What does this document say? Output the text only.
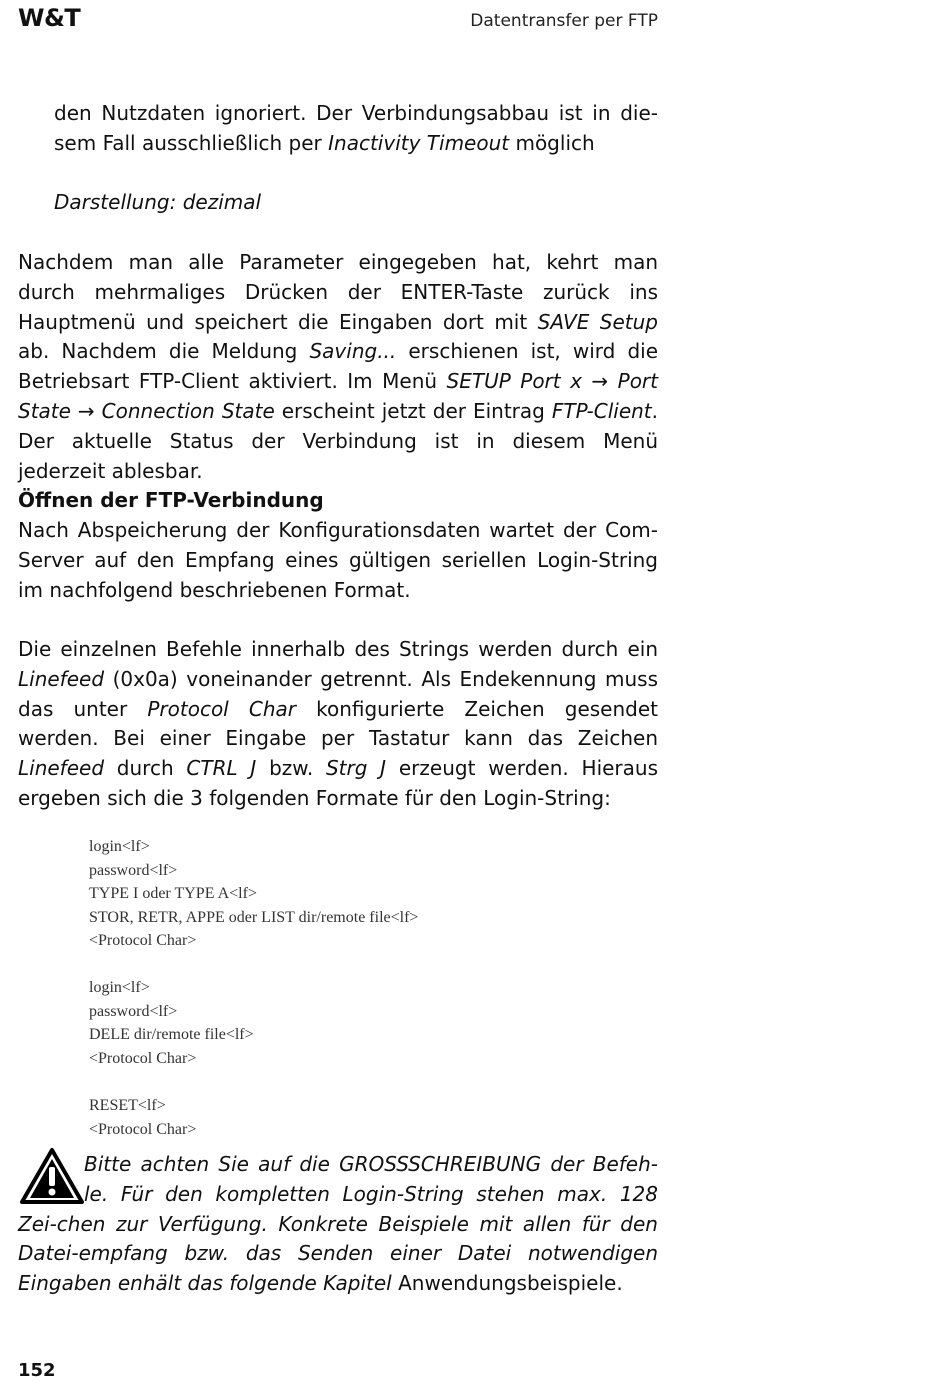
W&T	Datentransfer per FTP

den Nutzdaten ignoriert. Der Verbindungsabbau ist in die-sem Fall ausschließlich per Inactivity Timeout möglich

Darstellung: dezimal

Nachdem man alle Parameter eingegeben hat, kehrt man durch mehrmaliges Drücken der ENTER-Taste zurück ins Hauptmenü und speichert die Eingaben dort mit SAVE Setup ab. Nachdem die Meldung Saving... erschienen ist, wird die Betriebsart FTP-Client aktiviert. Im Menü SETUP Port x → Port State → Connection State erscheint jetzt der Eintrag FTP-Client. Der aktuelle Status der Verbindung ist in diesem Menü jederzeit ablesbar.

Öffnen der FTP-Verbindung

Nach Abspeicherung der Konfigurationsdaten wartet der Com-Server auf den Empfang eines gültigen seriellen Login-String im nachfolgend beschriebenen Format.

Die einzelnen Befehle innerhalb des Strings werden durch ein Linefeed (0x0a) voneinander getrennt. Als Endekennung muss das unter Protocol Char konfigurierte Zeichen gesendet werden. Bei einer Eingabe per Tastatur kann das Zeichen Linefeed durch CTRL J bzw. Strg J erzeugt werden. Hieraus ergeben sich die 3 folgenden Formate für den Login-String:

login<lf>
password<lf>
TYPE I oder TYPE A<lf>
STOR, RETR, APPE oder LIST dir/remote file<lf>
<Protocol Char>
login<lf>
password<lf>
DELE dir/remote file<lf>
<Protocol Char>
RESET<lf>
<Protocol Char>

Bitte achten Sie auf die GROSSSCHREIBUNG der Befeh-le. Für den kompletten Login-String stehen max. 128 Zei-chen zur Verfügung. Konkrete Beispiele mit allen für den Datei-empfang bzw. das Senden einer Datei notwendigen Eingaben enhält das folgende Kapitel Anwendungsbeispiele.

152
